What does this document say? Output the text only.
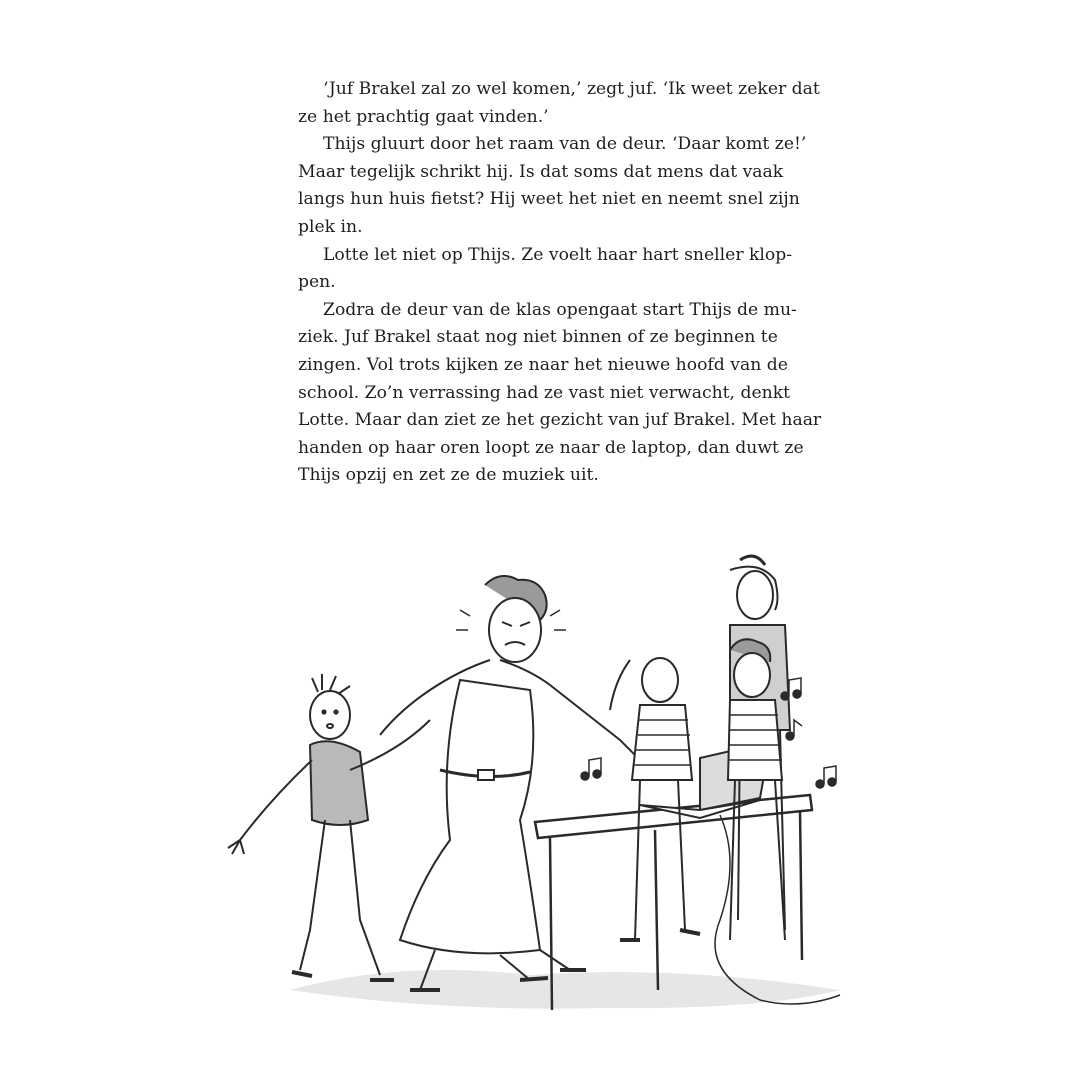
‘Juf Brakel zal zo wel komen,’ zegt juf. ‘Ik weet zeker dat
ze het prachtig gaat vinden.’
Thijs gluurt door het raam van de deur. ‘Daar komt ze!’
Maar tegelijk schrikt hij. Is dat soms dat mens dat vaak
langs hun huis fietst? Hij weet het niet en neemt snel zijn
plek in.
Lotte let niet op Thijs. Ze voelt haar hart sneller klop-
pen.
Zodra de deur van de klas opengaat start Thijs de mu-
ziek. Juf Brakel staat nog niet binnen of ze beginnen te
zingen. Vol trots kijken ze naar het nieuwe hoofd van de
school. Zo’n verrassing had ze vast niet verwacht, denkt
Lotte. Maar dan ziet ze het gezicht van juf Brakel. Met haar
handen op haar oren loopt ze naar de laptop, dan duwt ze
Thijs opzij en zet ze de muziek uit.
